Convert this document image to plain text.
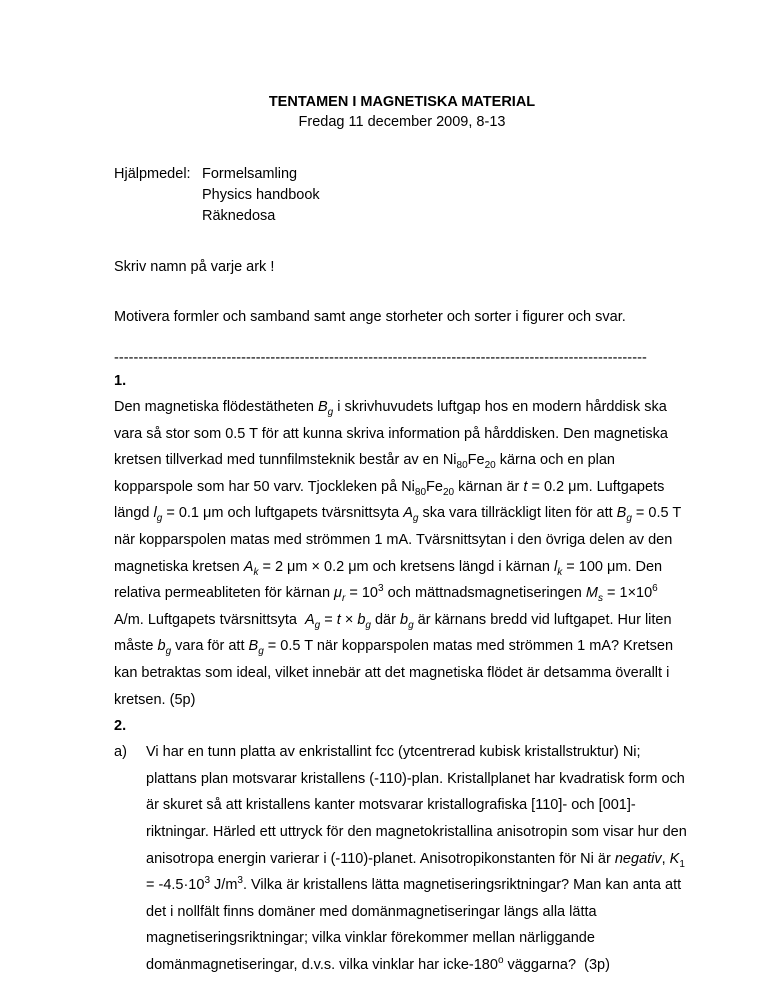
TENTAMEN I MAGNETISKA MATERIAL

Fredag 11 december 2009, 8-13

Hjälpmedel: Formelsamling
Physics handbook
Räknedosa

Skriv namn på varje ark !

Motivera formler och samband samt ange storheter och sorter i figurer och svar.

-------------------------------------------------------------------------------------------------------------
1.

Den magnetiska flödestätheten $B_g$ i skrivhuvudets luftgap hos en modern hårddisk ska vara så stor som 0.5 T för att kunna skriva information på hårddisken. Den magnetiska kretsen tillverkad med tunnfilmsteknik består av en $Ni_{80}Fe_{20}$ kärna och en plan kopparspole som har 50 varv. Tjockleken på $Ni_{80}Fe_{20}$ kärnan är t = 0.2 μm. Luftgapets längd $l_g = 0.1$ μm och luftgapets tvärsnittsyta $A_g$ ska vara tillräckligt liten för att $B_g = 0.5$ T när kopparspolen matas med strömmen 1 mA. Tvärsnittsytan i den övriga delen av den magnetiska kretsen $A_k = 2$ μm × 0.2 μm och kretsens längd i kärnan $l_k = 100$ μm. Den relativa permeabliteten för kärnan $\mu_r = 10^3$ och mättnadsmagnetiseringen $M_s = 1\times 10^6$ A/m. Luftgapets tvärsnittsyta  $A_g = t \times b_g$ där $b_g$ är kärnans bredd vid luftgapet. Hur liten måste $b_g$ vara för att $B_g = 0.5$ T när kopparspolen matas med strömmen 1 mA? Kretsen kan betraktas som ideal, vilket innebär att det magnetiska flödet är detsamma överallt i kretsen. (5p)

2.
a)	Vi har en tunn platta av enkristallint fcc (ytcentrerad kubisk kristallstruktur) Ni; plattans plan motsvarar kristallens (-110)-plan. Kristallplanet har kvadratisk form och är skuret så att kristallens kanter motsvarar kristallografiska [110]- och [001]-riktningar. Härled ett uttryck för den magnetokristallina anisotropin som visar hur den anisotropa energin varierar i (-110)-planet. Anisotropikonstanten för Ni är negativ, $K_1 = -4.5\cdot 10^3$ $J/m^3$. Vilka är kristallens lätta magnetiseringsriktningar? Man kan anta att det i nollfält finns domäner med domänmagnetiseringar längs alla lätta magnetiseringsriktningar; vilka vinklar förekommer mellan närliggande domänmagnetiseringar, d.v.s. vilka vinklar har icke-180$^o$ väggarna?  (3p)
